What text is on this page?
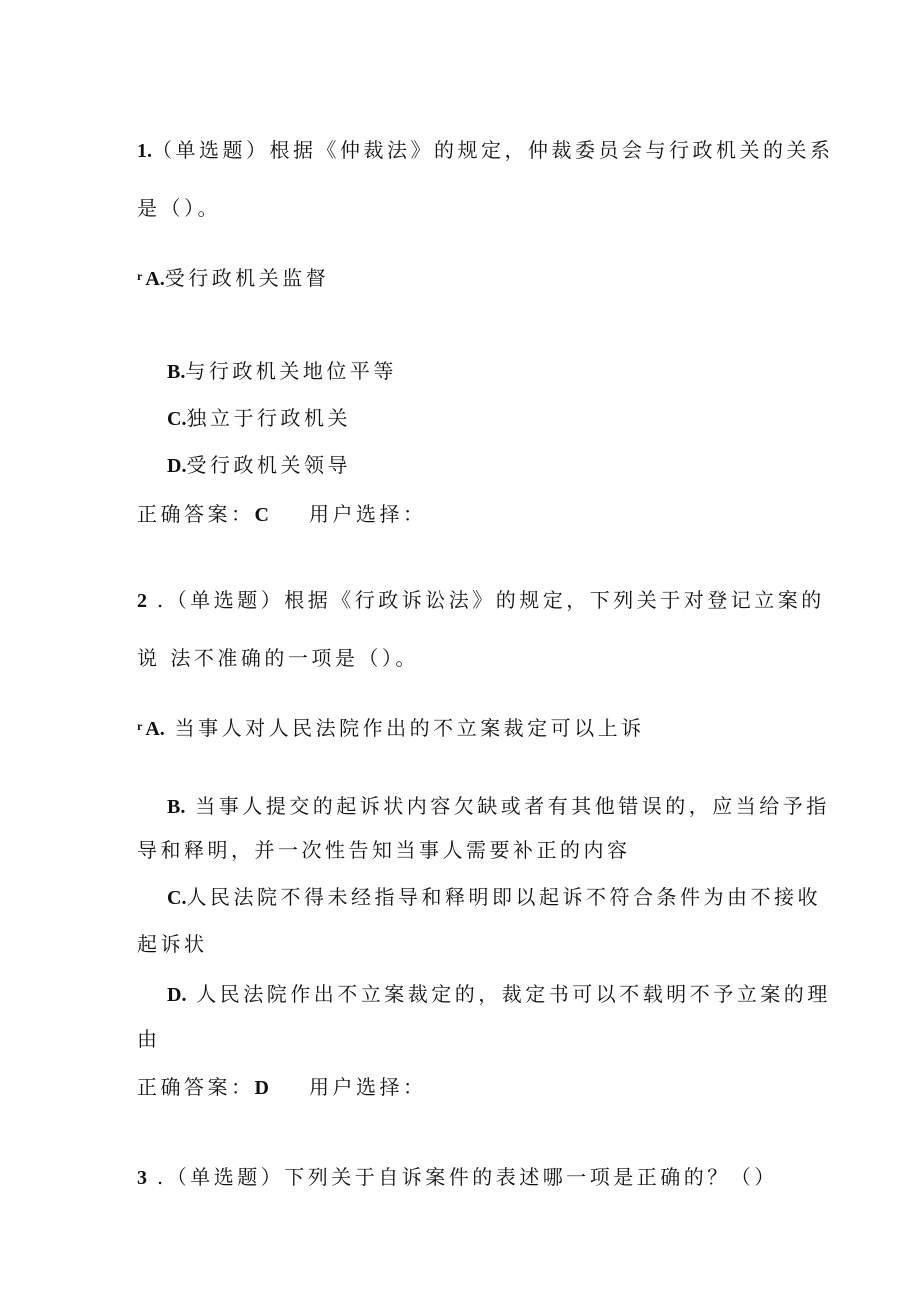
1.（单选题）根据《仲裁法》的规定，仲裁委员会与行政机关的关系
是（）。
$^r$ A.受行政机关监督
B.与行政机关地位平等
C.独立于行政机关
D.受行政机关领导
正确答案：C 用户选择：
2 .（单选题）根据《行政诉讼法》的规定，下列关于对登记立案的
说 法不准确的一项是（）。
$^r$ A. 当事人对人民法院作出的不立案裁定可以上诉
B. 当事人提交的起诉状内容欠缺或者有其他错误的，应当给予指
导和释明，并一次性告知当事人需要补正的内容
C.人民法院不得未经指导和释明即以起诉不符合条件为由不接收
起诉状
D. 人民法院作出不立案裁定的，裁定书可以不载明不予立案的理
由
正确答案：D 用户选择：
3 .（单选题）下列关于自诉案件的表述哪一项是正确的？（）
